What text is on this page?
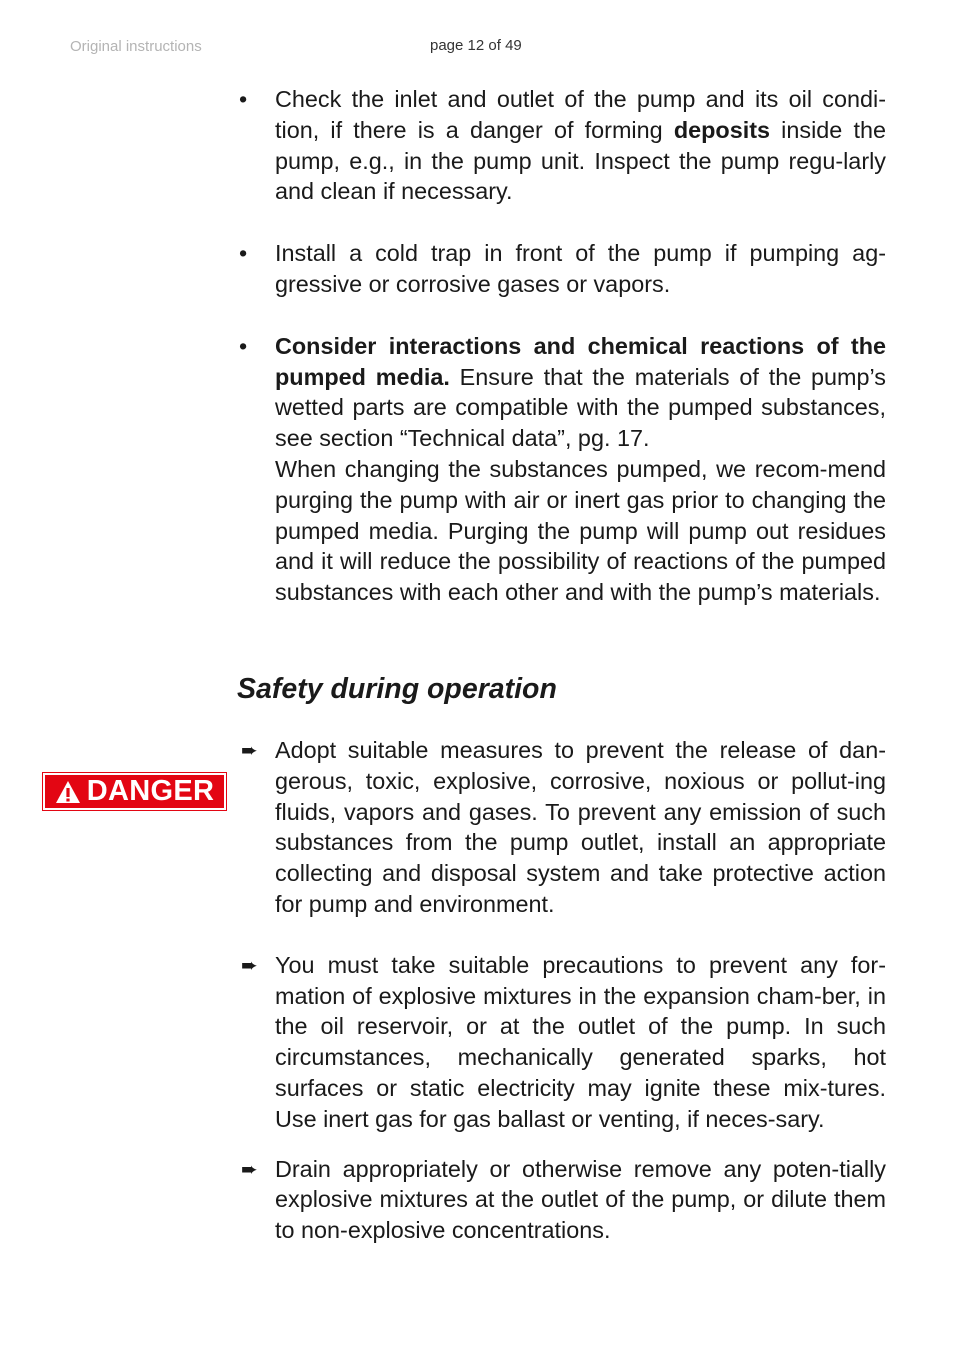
Original instructions	page 12 of 49
DANGER
•	Check the inlet and outlet of the pump and its oil condi-tion, if there is a danger of forming deposits inside the pump, e.g., in the pump unit. Inspect the pump regu-larly and clean if necessary.

•	Install a cold trap in front of the pump if pumping ag-gressive or corrosive gases or vapors.

•	Consider interactions and chemical reactions of the pumped media. Ensure that the materials of the pump’s wetted parts are compatible with the pumped substances, see section “Technical data”, pg. 17.

When changing the substances pumped, we recom-mend purging the pump with air or inert gas prior to changing the pumped media. Purging the pump will pump out residues and it will reduce the possibility of reactions of the pumped substances with each other and with the pump’s materials.

Safety during operation
➨ Adopt suitable measures to prevent the release of dan-gerous, toxic, explosive, corrosive, noxious or pollut-ing fluids, vapors and gases. To prevent any emission of such substances from the pump outlet, install an appropriate collecting and disposal system and take protective action for pump and environment.

➨ You must take suitable precautions to prevent any for-mation of explosive mixtures in the expansion cham-ber, in the oil reservoir, or at the outlet of the pump. In such circumstances, mechanically generated sparks, hot surfaces or static electricity may ignite these mix-tures. Use inert gas for gas ballast or venting, if neces-sary.

➨ Drain appropriately or otherwise remove any poten-tially explosive mixtures at the outlet of the pump, or dilute them to non-explosive concentrations.
